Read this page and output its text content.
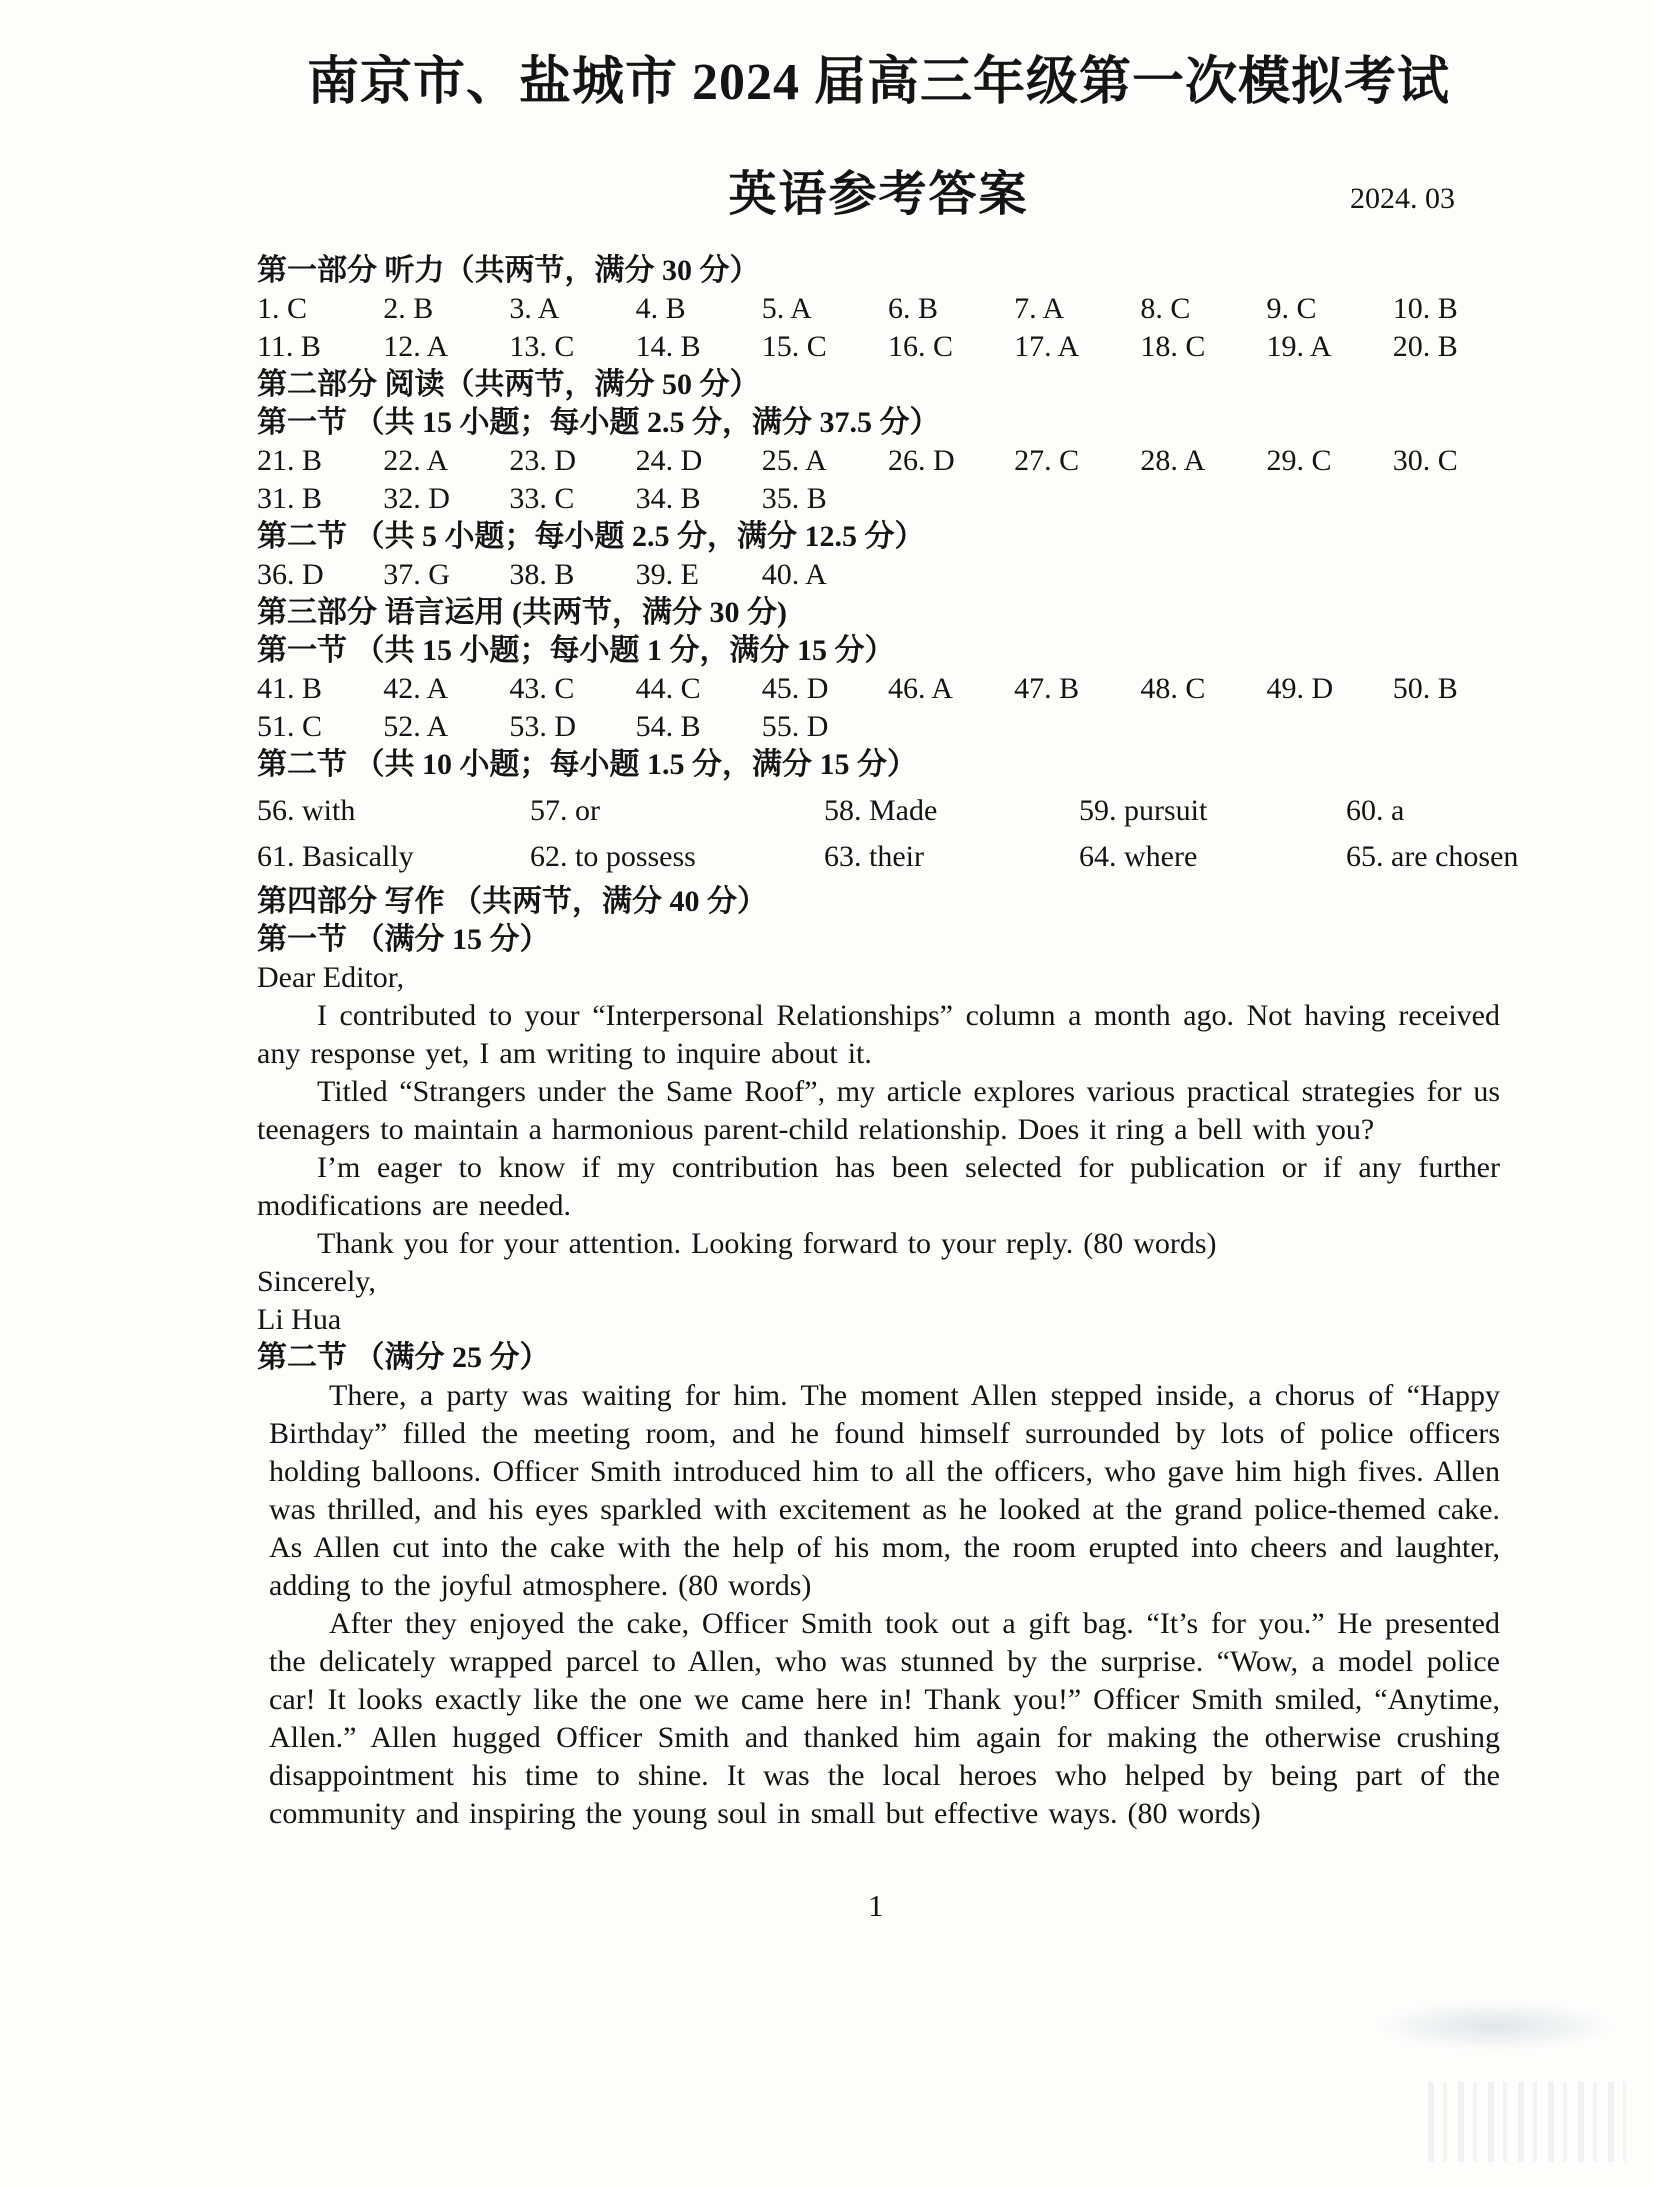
南京市、盐城市 2024 届高三年级第一次模拟考试
英语参考答案	2024. 03
第一部分 听力（共两节，满分 30 分）
1. C	2. B	3. A	4. B	5. A	6. B	7. A	8. C	9. C	10. B
11. B	12. A	13. C	14. B	15. C	16. C	17. A	18. C	19. A	20. B
第二部分 阅读（共两节，满分 50 分）
第一节 （共 15 小题；每小题 2.5 分，满分 37.5 分）
21. B	22. A	23. D	24. D	25. A	26. D	27. C	28. A	29. C	30. C
31. B	32. D	33. C	34. B	35. B
第二节 （共 5 小题；每小题 2.5 分，满分 12.5 分）
36. D	37. G	38. B	39. E	40. A
第三部分 语言运用 (共两节，满分 30 分)
第一节 （共 15 小题；每小题 1 分，满分 15 分）
41. B	42. A	43. C	44. C	45. D	46. A	47. B	48. C	49. D	50. B
51. C	52. A	53. D	54. B	55. D
第二节 （共 10 小题；每小题 1.5 分，满分 15 分）
56. with	57. or	58. Made	59. pursuit	60. a
61. Basically	62. to possess	63. their	64. where	65. are chosen
第四部分 写作 （共两节，满分 40 分）
第一节 （满分 15 分）

Dear Editor,

I contributed to your “Interpersonal Relationships” column a month ago. Not having received any response yet, I am writing to inquire about it.

Titled “Strangers under the Same Roof”, my article explores various practical strategies for us teenagers to maintain a harmonious parent-child relationship. Does it ring a bell with you?

I’m eager to know if my contribution has been selected for publication or if any further modifications are needed.

Thank you for your attention. Looking forward to your reply. (80 words)

Sincerely,

Li Hua

第二节 （满分 25 分）

There, a party was waiting for him. The moment Allen stepped inside, a chorus of “Happy Birthday” filled the meeting room, and he found himself surrounded by lots of police officers holding balloons. Officer Smith introduced him to all the officers, who gave him high fives. Allen was thrilled, and his eyes sparkled with excitement as he looked at the grand police-themed cake. As Allen cut into the cake with the help of his mom, the room erupted into cheers and laughter, adding to the joyful atmosphere. (80 words)

After they enjoyed the cake, Officer Smith took out a gift bag. “It’s for you.” He presented the delicately wrapped parcel to Allen, who was stunned by the surprise. “Wow, a model police car! It looks exactly like the one we came here in! Thank you!” Officer Smith smiled, “Anytime, Allen.” Allen hugged Officer Smith and thanked him again for making the otherwise crushing disappointment his time to shine. It was the local heroes who helped by being part of the community and inspiring the young soul in small but effective ways. (80 words)

1
